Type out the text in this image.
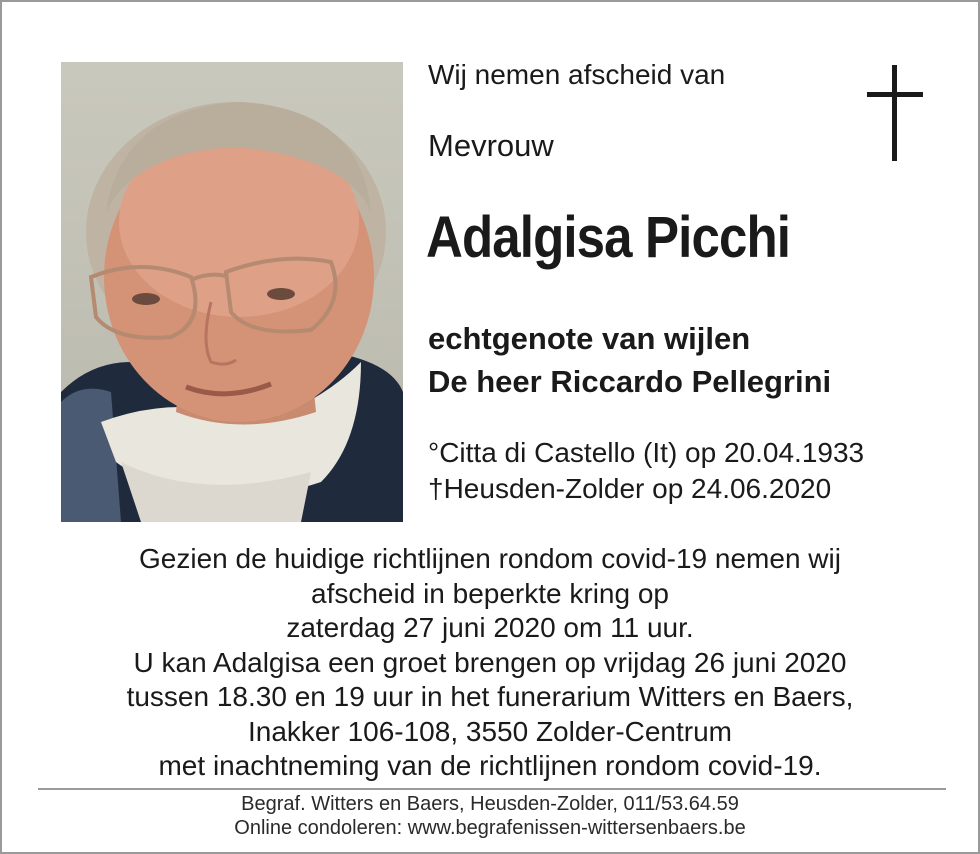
Wij nemen afscheid van
Mevrouw
Adalgisa Picchi
echtgenote van wijlen
De heer Riccardo Pellegrini
°Citta di Castello (It) op 20.04.1933
†Heusden-Zolder op 24.06.2020
Gezien de huidige richtlijnen rondom covid-19 nemen wij
afscheid in beperkte kring op
zaterdag 27 juni 2020 om 11 uur.
U kan Adalgisa een groet brengen op vrijdag 26 juni 2020
tussen 18.30 en 19 uur in het funerarium Witters en Baers,
Inakker 106-108, 3550 Zolder-Centrum
met inachtneming van de richtlijnen rondom covid-19.
Begraf. Witters en Baers, Heusden-Zolder, 011/53.64.59
Online condoleren: www.begrafenissen-wittersenbaers.be
